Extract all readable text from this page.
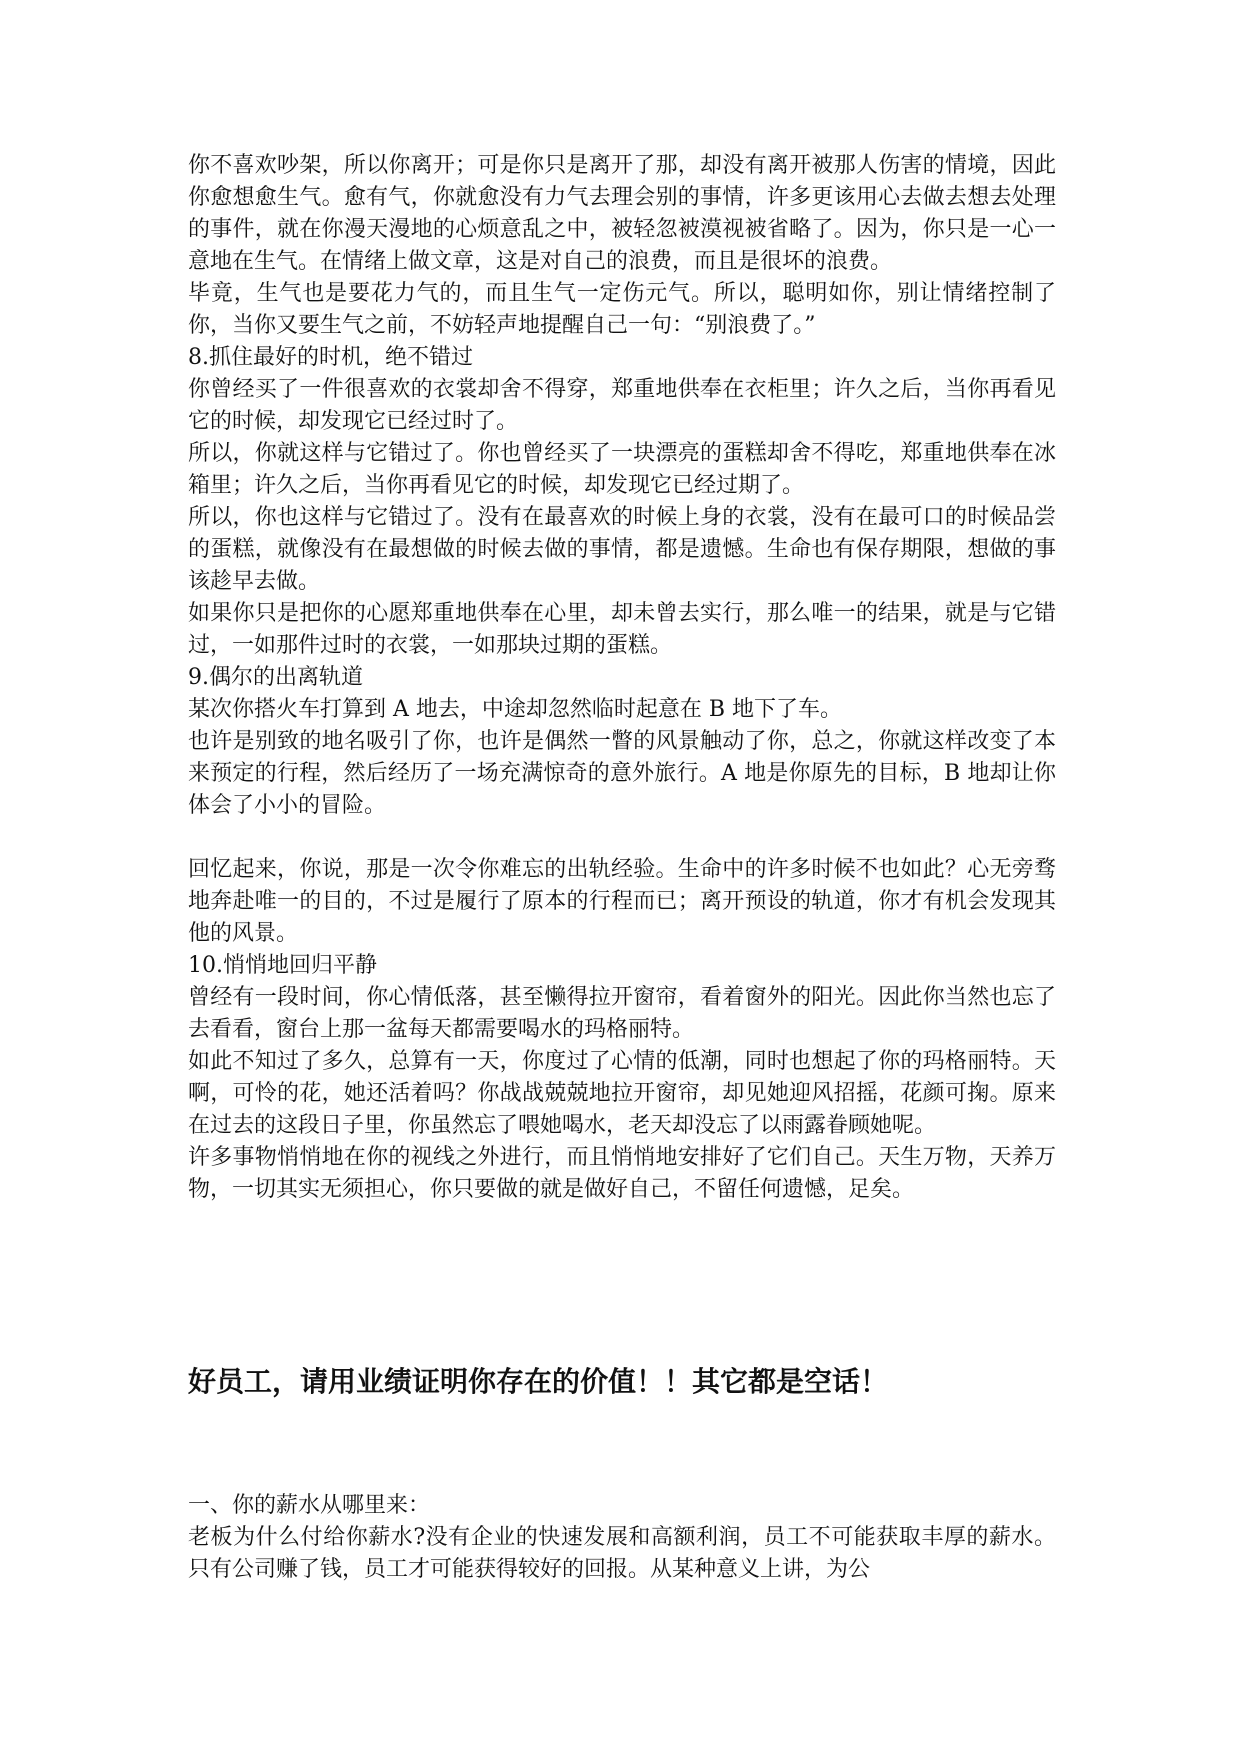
你不喜欢吵架，所以你离开；可是你只是离开了那，却没有离开被那人伤害的情境，因此你愈想愈生气。愈有气，你就愈没有力气去理会别的事情，许多更该用心去做去想去处理的事件，就在你漫天漫地的心烦意乱之中，被轻忽被漠视被省略了。因为，你只是一心一意地在生气。在情绪上做文章，这是对自己的浪费，而且是很坏的浪费。

毕竟，生气也是要花力气的，而且生气一定伤元气。所以，聪明如你，别让情绪控制了你，当你又要生气之前，不妨轻声地提醒自己一句：“别浪费了。”

8.抓住最好的时机，绝不错过

你曾经买了一件很喜欢的衣裳却舍不得穿，郑重地供奉在衣柜里；许久之后，当你再看见它的时候，却发现它已经过时了。

所以，你就这样与它错过了。你也曾经买了一块漂亮的蛋糕却舍不得吃，郑重地供奉在冰箱里；许久之后，当你再看见它的时候，却发现它已经过期了。

所以，你也这样与它错过了。没有在最喜欢的时候上身的衣裳，没有在最可口的时候品尝的蛋糕，就像没有在最想做的时候去做的事情，都是遗憾。生命也有保存期限，想做的事该趁早去做。

如果你只是把你的心愿郑重地供奉在心里，却未曾去实行，那么唯一的结果，就是与它错过，一如那件过时的衣裳，一如那块过期的蛋糕。

9.偶尔的出离轨道

某次你搭火车打算到 A 地去，中途却忽然临时起意在 B 地下了车。

也许是别致的地名吸引了你，也许是偶然一瞥的风景触动了你，总之，你就这样改变了本来预定的行程，然后经历了一场充满惊奇的意外旅行。A 地是你原先的目标，B 地却让你体会了小小的冒险。

回忆起来，你说，那是一次令你难忘的出轨经验。生命中的许多时候不也如此？心无旁骛地奔赴唯一的目的，不过是履行了原本的行程而已；离开预设的轨道，你才有机会发现其他的风景。

10.悄悄地回归平静

曾经有一段时间，你心情低落，甚至懒得拉开窗帘，看着窗外的阳光。因此你当然也忘了去看看，窗台上那一盆每天都需要喝水的玛格丽特。

如此不知过了多久，总算有一天，你度过了心情的低潮，同时也想起了你的玛格丽特。天啊，可怜的花，她还活着吗？你战战兢兢地拉开窗帘，却见她迎风招摇，花颜可掬。原来在过去的这段日子里，你虽然忘了喂她喝水，老天却没忘了以雨露眷顾她呢。

许多事物悄悄地在你的视线之外进行，而且悄悄地安排好了它们自己。天生万物，天养万物，一切其实无须担心，你只要做的就是做好自己，不留任何遗憾，足矣。

好员工，请用业绩证明你存在的价值！！其它都是空话！

一、你的薪水从哪里来：

老板为什么付给你薪水?没有企业的快速发展和高额利润，员工不可能获取丰厚的薪水。只有公司赚了钱，员工才可能获得较好的回报。从某种意义上讲，为公
